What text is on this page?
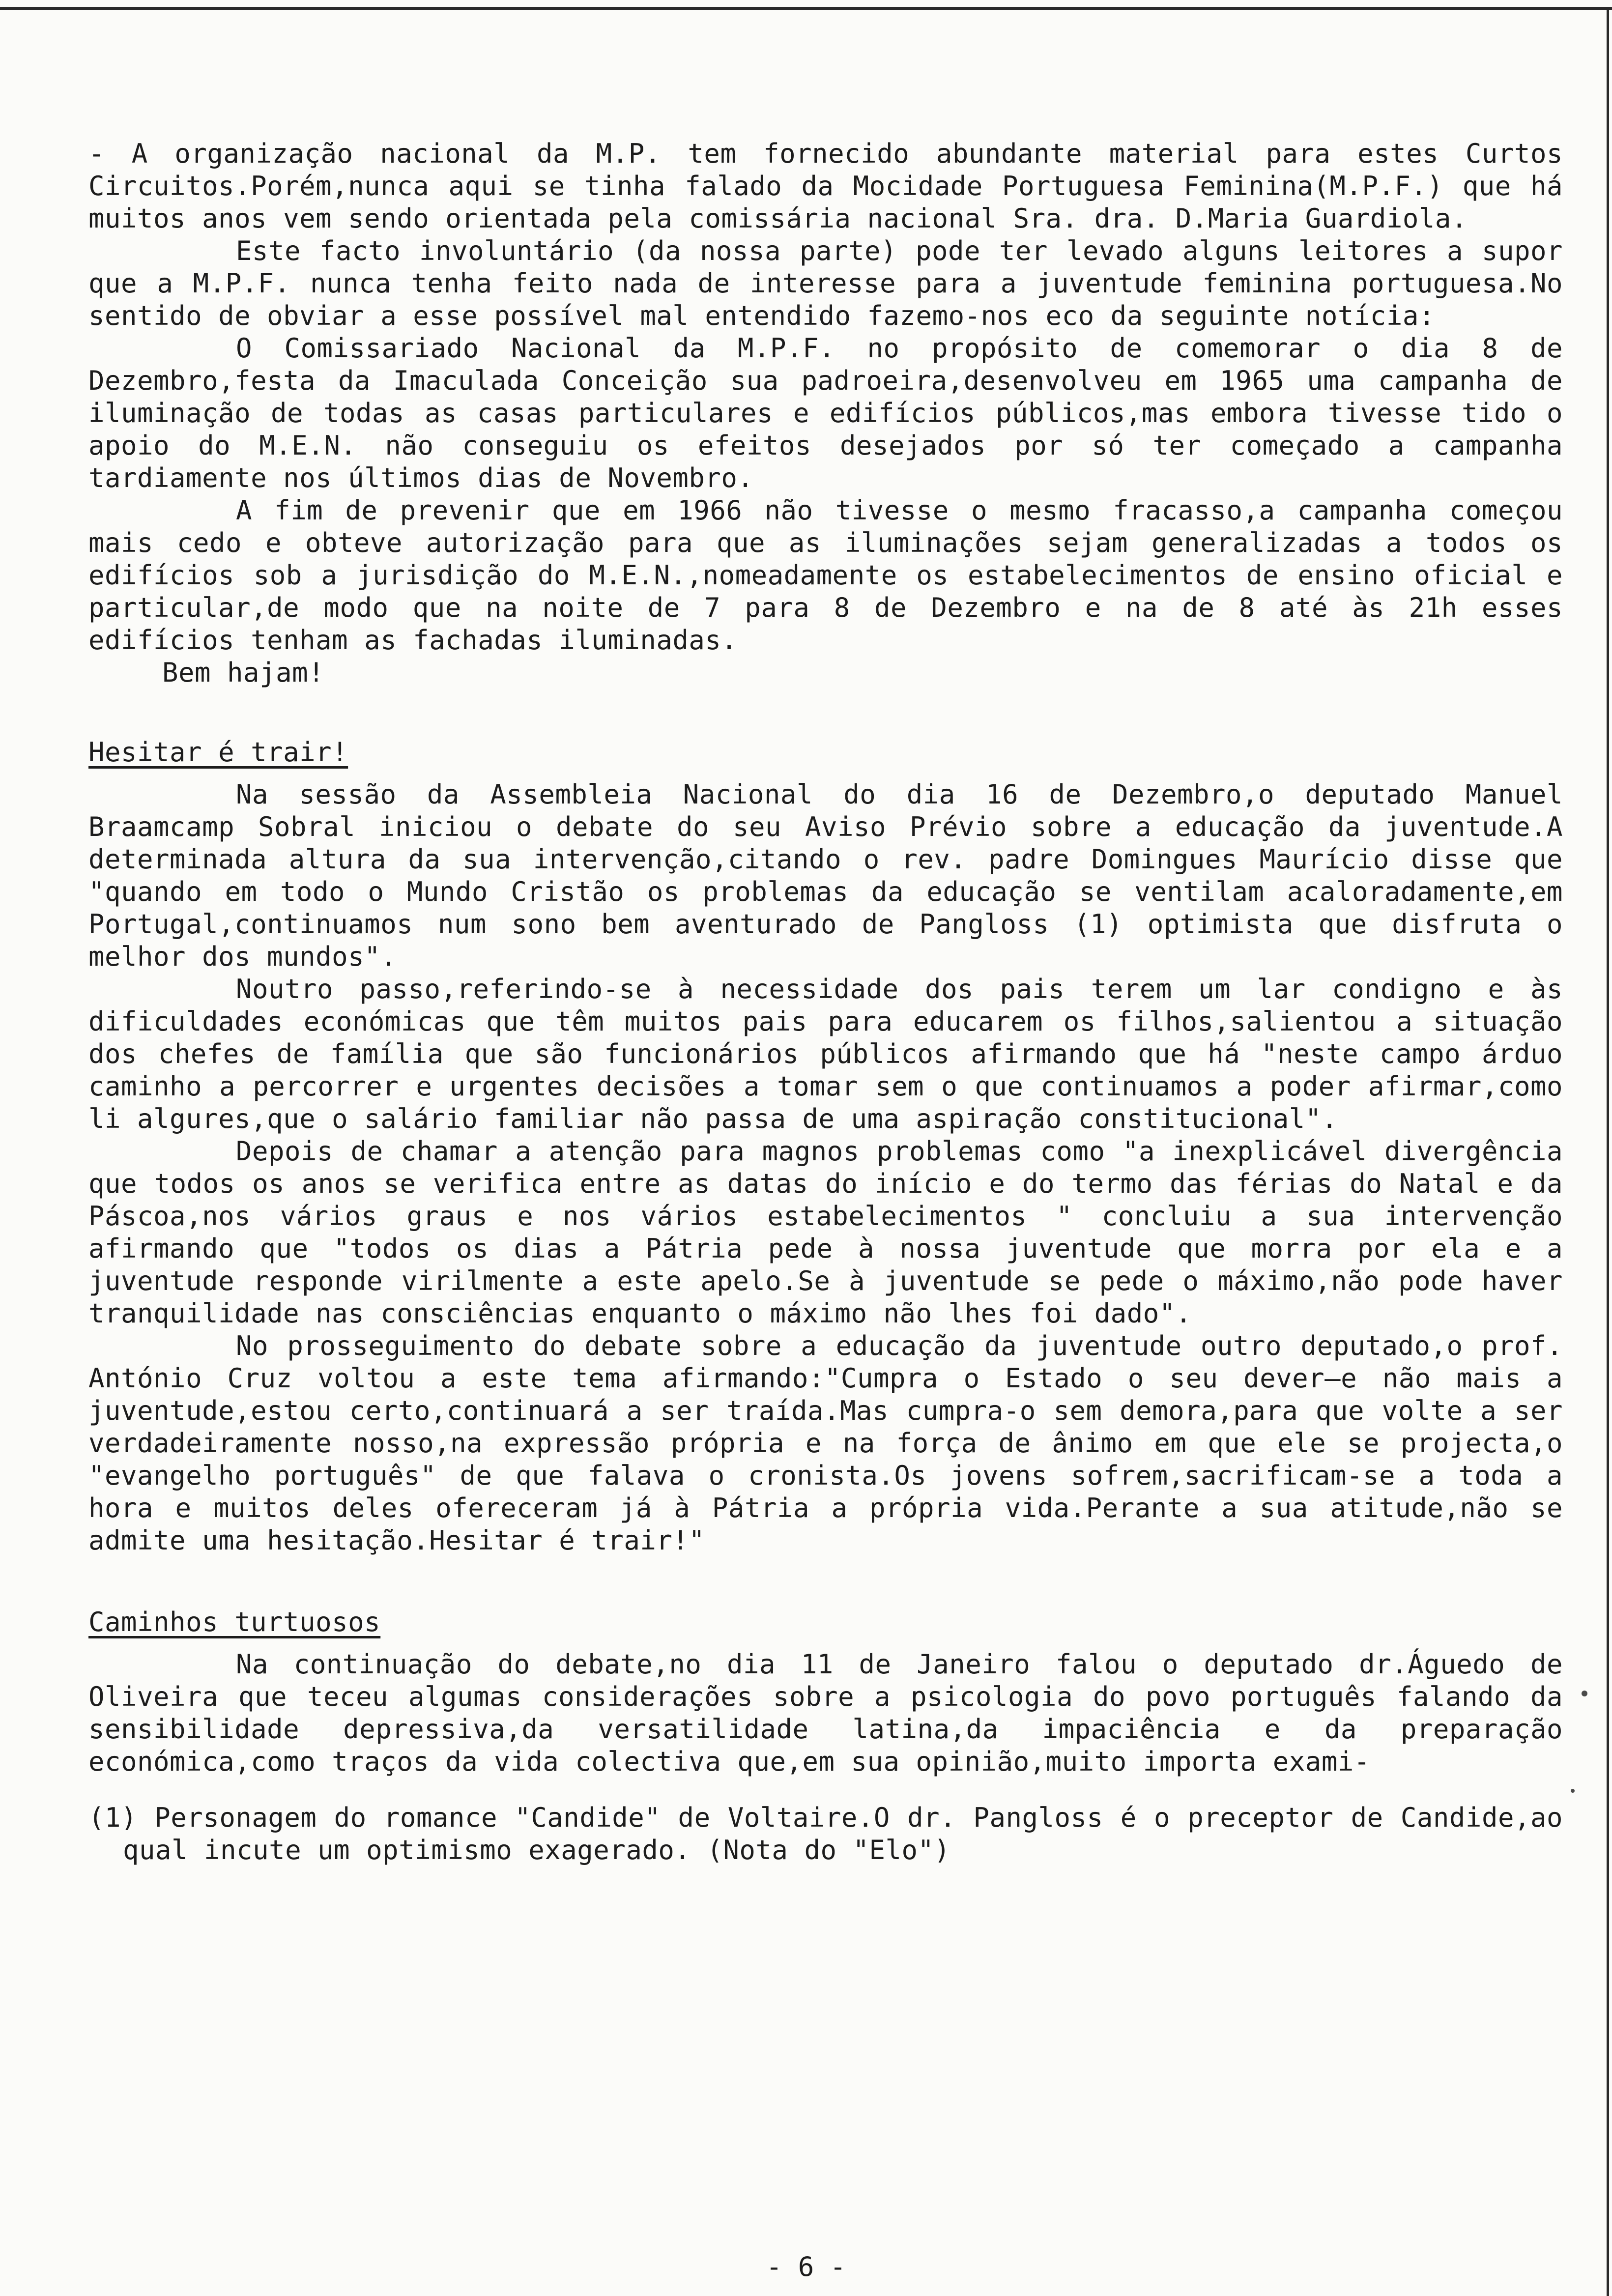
- A organização nacional da M.P. tem fornecido abundante material para estes Curtos Circuitos.Porém,nunca aqui se tinha falado da Mocidade Portuguesa Feminina(M.P.F.) que há muitos anos vem sendo orientada pela comissária nacional Sra. dra. D.Maria Guardiola.

Este facto involuntário (da nossa parte) pode ter levado alguns leitores a supor que a M.P.F. nunca tenha feito nada de interesse para a juventude feminina portuguesa.No sentido de obviar a esse possível mal entendido fazemo-nos eco da seguinte notícia:

O Comissariado Nacional da M.P.F. no propósito de comemorar o dia 8 de Dezembro,festa da Imaculada Conceição sua padroeira,desenvolveu em 1965 uma campanha de iluminação de todas as casas particulares e edifícios públicos,mas embora tivesse tido o apoio do M.E.N. não conseguiu os efeitos desejados por só ter começado a campanha tardiamente nos últimos dias de Novembro.

A fim de prevenir que em 1966 não tivesse o mesmo fracasso,a campanha começou mais cedo e obteve autorização para que as iluminações sejam generalizadas a todos os edifícios sob a jurisdição do M.E.N.,nomeadamente os estabelecimentos de ensino oficial e particular,de modo que na noite de 7 para 8 de Dezembro e na de 8 até às 21h esses edifícios tenham as fachadas iluminadas.

Bem hajam!

Hesitar é trair!

Na sessão da Assembleia Nacional do dia 16 de Dezembro,o deputado Manuel Braamcamp Sobral iniciou o debate do seu Aviso Prévio sobre a educação da juventude.A determinada altura da sua intervenção,citando o rev. padre Domingues Maurício disse que "quando em todo o Mundo Cristão os problemas da educação se ventilam acaloradamente,em Portugal,continuamos num sono bem aventurado de Pangloss (1) optimista que disfruta o melhor dos mundos".

Noutro passo,referindo-se à necessidade dos pais terem um lar condigno e às dificuldades económicas que têm muitos pais para educarem os filhos,salientou a situação dos chefes de família que são funcionários públicos afirmando que há "neste campo árduo caminho a percorrer e urgentes decisões a tomar sem o que continuamos a poder afirmar,como li algures,que o salário familiar não passa de uma aspiração constitucional".

Depois de chamar a atenção para magnos problemas como "a inexplicável divergência que todos os anos se verifica entre as datas do início e do termo das férias do Natal e da Páscoa,nos vários graus e nos vários estabelecimentos " concluiu a sua intervenção afirmando que "todos os dias a Pátria pede à nossa juventude que morra por ela e a juventude responde virilmente a este apelo.Se à juventude se pede o máximo,não pode haver tranquilidade nas consciências enquanto o máximo não lhes foi dado".

No prosseguimento do debate sobre a educação da juventude outro deputado,o prof. António Cruz voltou a este tema afirmando:"Cumpra o Estado o seu dever—e não mais a juventude,estou certo,continuará a ser traída.Mas cumpra-o sem demora,para que volte a ser verdadeiramente nosso,na expressão própria e na força de ânimo em que ele se projecta,o "evangelho português" de que falava o cronista.Os jovens sofrem,sacrificam-se a toda a hora e muitos deles ofereceram já à Pátria a própria vida.Perante a sua atitude,não se admite uma hesitação.Hesitar é trair!"

Caminhos turtuosos

Na continuação do debate,no dia 11 de Janeiro falou o deputado dr.Águedo de Oliveira que teceu algumas considerações sobre a psicologia do povo português falando da sensibilidade depressiva,da versatilidade latina,da impaciência e da preparação económica,como traços da vida colectiva que,em sua opinião,muito importa exami-

(1) Personagem do romance "Candide" de Voltaire.O dr. Pangloss é o preceptor de Candide,ao qual incute um optimismo exagerado. (Nota do "Elo")

- 6 -
